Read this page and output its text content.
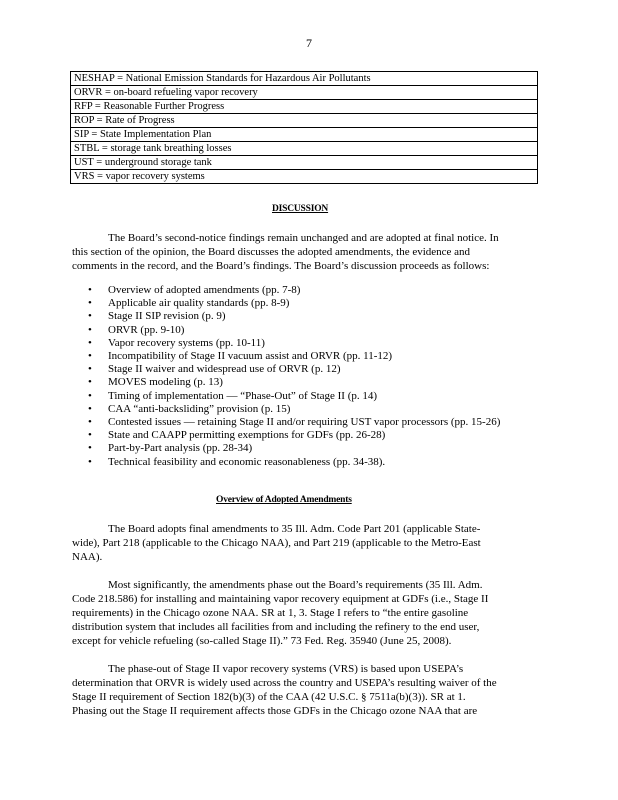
7
NESHAP = National Emission Standards for Hazardous Air Pollutants
ORVR = on-board refueling vapor recovery
RFP = Reasonable Further Progress
ROP = Rate of Progress
SIP = State Implementation Plan
STBL = storage tank breathing losses
UST = underground storage tank
VRS = vapor recovery systems
DISCUSSION
The Board’s second-notice findings remain unchanged and are adopted at final notice. In
this section of the opinion, the Board discusses the adopted amendments, the evidence and
comments in the record, and the Board’s findings. The Board’s discussion proceeds as follows:
•	Overview of adopted amendments (pp. 7-8)
•	Applicable air quality standards (pp. 8-9)
•	Stage II SIP revision (p. 9)
•	ORVR (pp. 9-10)
•	Vapor recovery systems (pp. 10-11)
•	Incompatibility of Stage II vacuum assist and ORVR (pp. 11-12)
•	Stage II waiver and widespread use of ORVR (p. 12)
•	MOVES modeling (p. 13)
•	Timing of implementation — “Phase-Out” of Stage II (p. 14)
•	CAA “anti-backsliding” provision (p. 15)
•	Contested issues — retaining Stage II and/or requiring UST vapor processors (pp. 15-26)
•	State and CAAPP permitting exemptions for GDFs (pp. 26-28)
•	Part-by-Part analysis (pp. 28-34)
•	Technical feasibility and economic reasonableness (pp. 34-38).
Overview of Adopted Amendments
The Board adopts final amendments to 35 Ill. Adm. Code Part 201 (applicable State-
wide), Part 218 (applicable to the Chicago NAA), and Part 219 (applicable to the Metro-East
NAA).
Most significantly, the amendments phase out the Board’s requirements (35 Ill. Adm.
Code 218.586) for installing and maintaining vapor recovery equipment at GDFs (i.e., Stage II
requirements) in the Chicago ozone NAA. SR at 1, 3. Stage I refers to “the entire gasoline
distribution system that includes all facilities from and including the refinery to the end user,
except for vehicle refueling (so-called Stage II).” 73 Fed. Reg. 35940 (June 25, 2008).
The phase-out of Stage II vapor recovery systems (VRS) is based upon USEPA’s
determination that ORVR is widely used across the country and USEPA’s resulting waiver of the
Stage II requirement of Section 182(b)(3) of the CAA (42 U.S.C. § 7511a(b)(3)). SR at 1.
Phasing out the Stage II requirement affects those GDFs in the Chicago ozone NAA that are
